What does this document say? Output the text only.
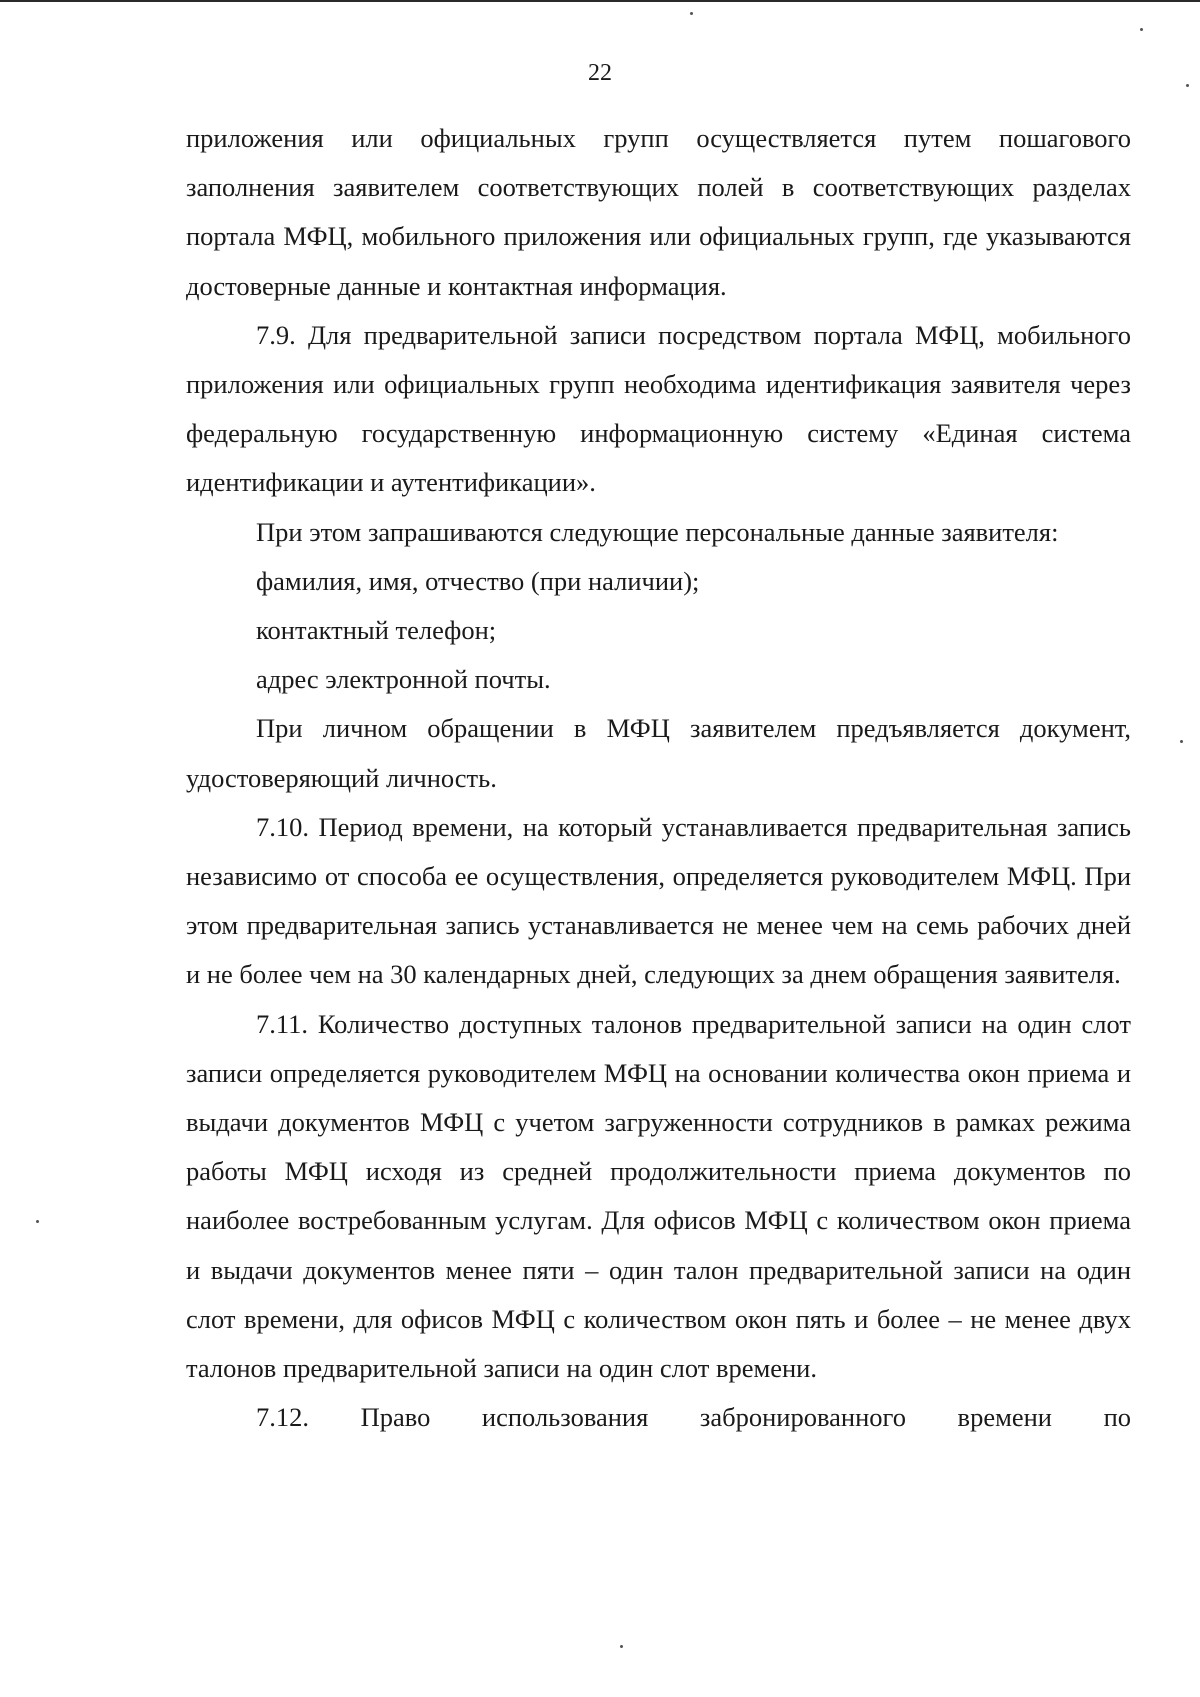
22

приложения или официальных групп осуществляется путем пошагового заполнения заявителем соответствующих полей в соответствующих разделах портала МФЦ, мобильного приложения или официальных групп, где указываются достоверные данные и контактная информация.

7.9. Для предварительной записи посредством портала МФЦ, мобильного приложения или официальных групп необходима идентификация заявителя через федеральную государственную информационную систему «Единая система идентификации и аутентификации».

При этом запрашиваются следующие персональные данные заявителя:

фамилия, имя, отчество (при наличии);

контактный телефон;

адрес электронной почты.

При личном обращении в МФЦ заявителем предъявляется документ, удостоверяющий личность.

7.10. Период времени, на который устанавливается предварительная запись независимо от способа ее осуществления, определяется руководителем МФЦ. При этом предварительная запись устанавливается не менее чем на семь рабочих дней и не более чем на 30 календарных дней, следующих за днем обращения заявителя.

7.11. Количество доступных талонов предварительной записи на один слот записи определяется руководителем МФЦ на основании количества окон приема и выдачи документов МФЦ с учетом загруженности сотрудников в рамках режима работы МФЦ исходя из средней продолжительности приема документов по наиболее востребованным услугам. Для офисов МФЦ с количеством окон приема и выдачи документов менее пяти – один талон предварительной записи на один слот времени, для офисов МФЦ с количеством окон пять и более – не менее двух талонов предварительной записи на один слот времени.

7.12. Право использования забронированного времени по
